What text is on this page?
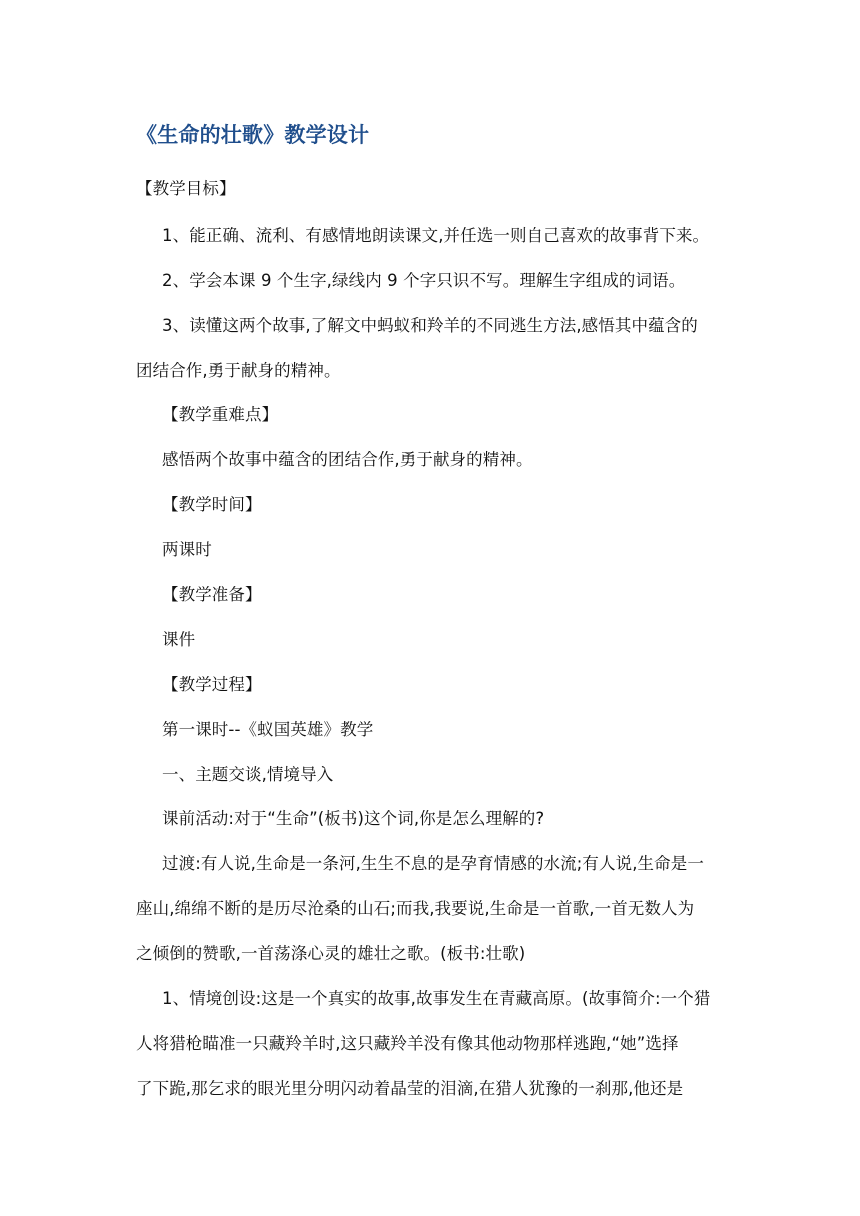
《生命的壮歌》教学设计
【教学目标】
1、能正确、流利、有感情地朗读课文,并任选一则自己喜欢的故事背下来。
2、学会本课 9 个生字,绿线内 9 个字只识不写。理解生字组成的词语。
3、读懂这两个故事,了解文中蚂蚁和羚羊的不同逃生方法,感悟其中蕴含的
团结合作,勇于献身的精神。
【教学重难点】
感悟两个故事中蕴含的团结合作,勇于献身的精神。
【教学时间】
两课时
【教学准备】
课件
【教学过程】
第一课时--《蚁国英雄》教学
一、主题交谈,情境导入
课前活动:对于“生命”(板书)这个词,你是怎么理解的?
过渡:有人说,生命是一条河,生生不息的是孕育情感的水流;有人说,生命是一
座山,绵绵不断的是历尽沧桑的山石;而我,我要说,生命是一首歌,一首无数人为
之倾倒的赞歌,一首荡涤心灵的雄壮之歌。(板书:壮歌)
1、情境创设:这是一个真实的故事,故事发生在青藏高原。(故事简介:一个猎
人将猎枪瞄准一只藏羚羊时,这只藏羚羊没有像其他动物那样逃跑,“她”选择
了下跪,那乞求的眼光里分明闪动着晶莹的泪滴,在猎人犹豫的一刹那,他还是
